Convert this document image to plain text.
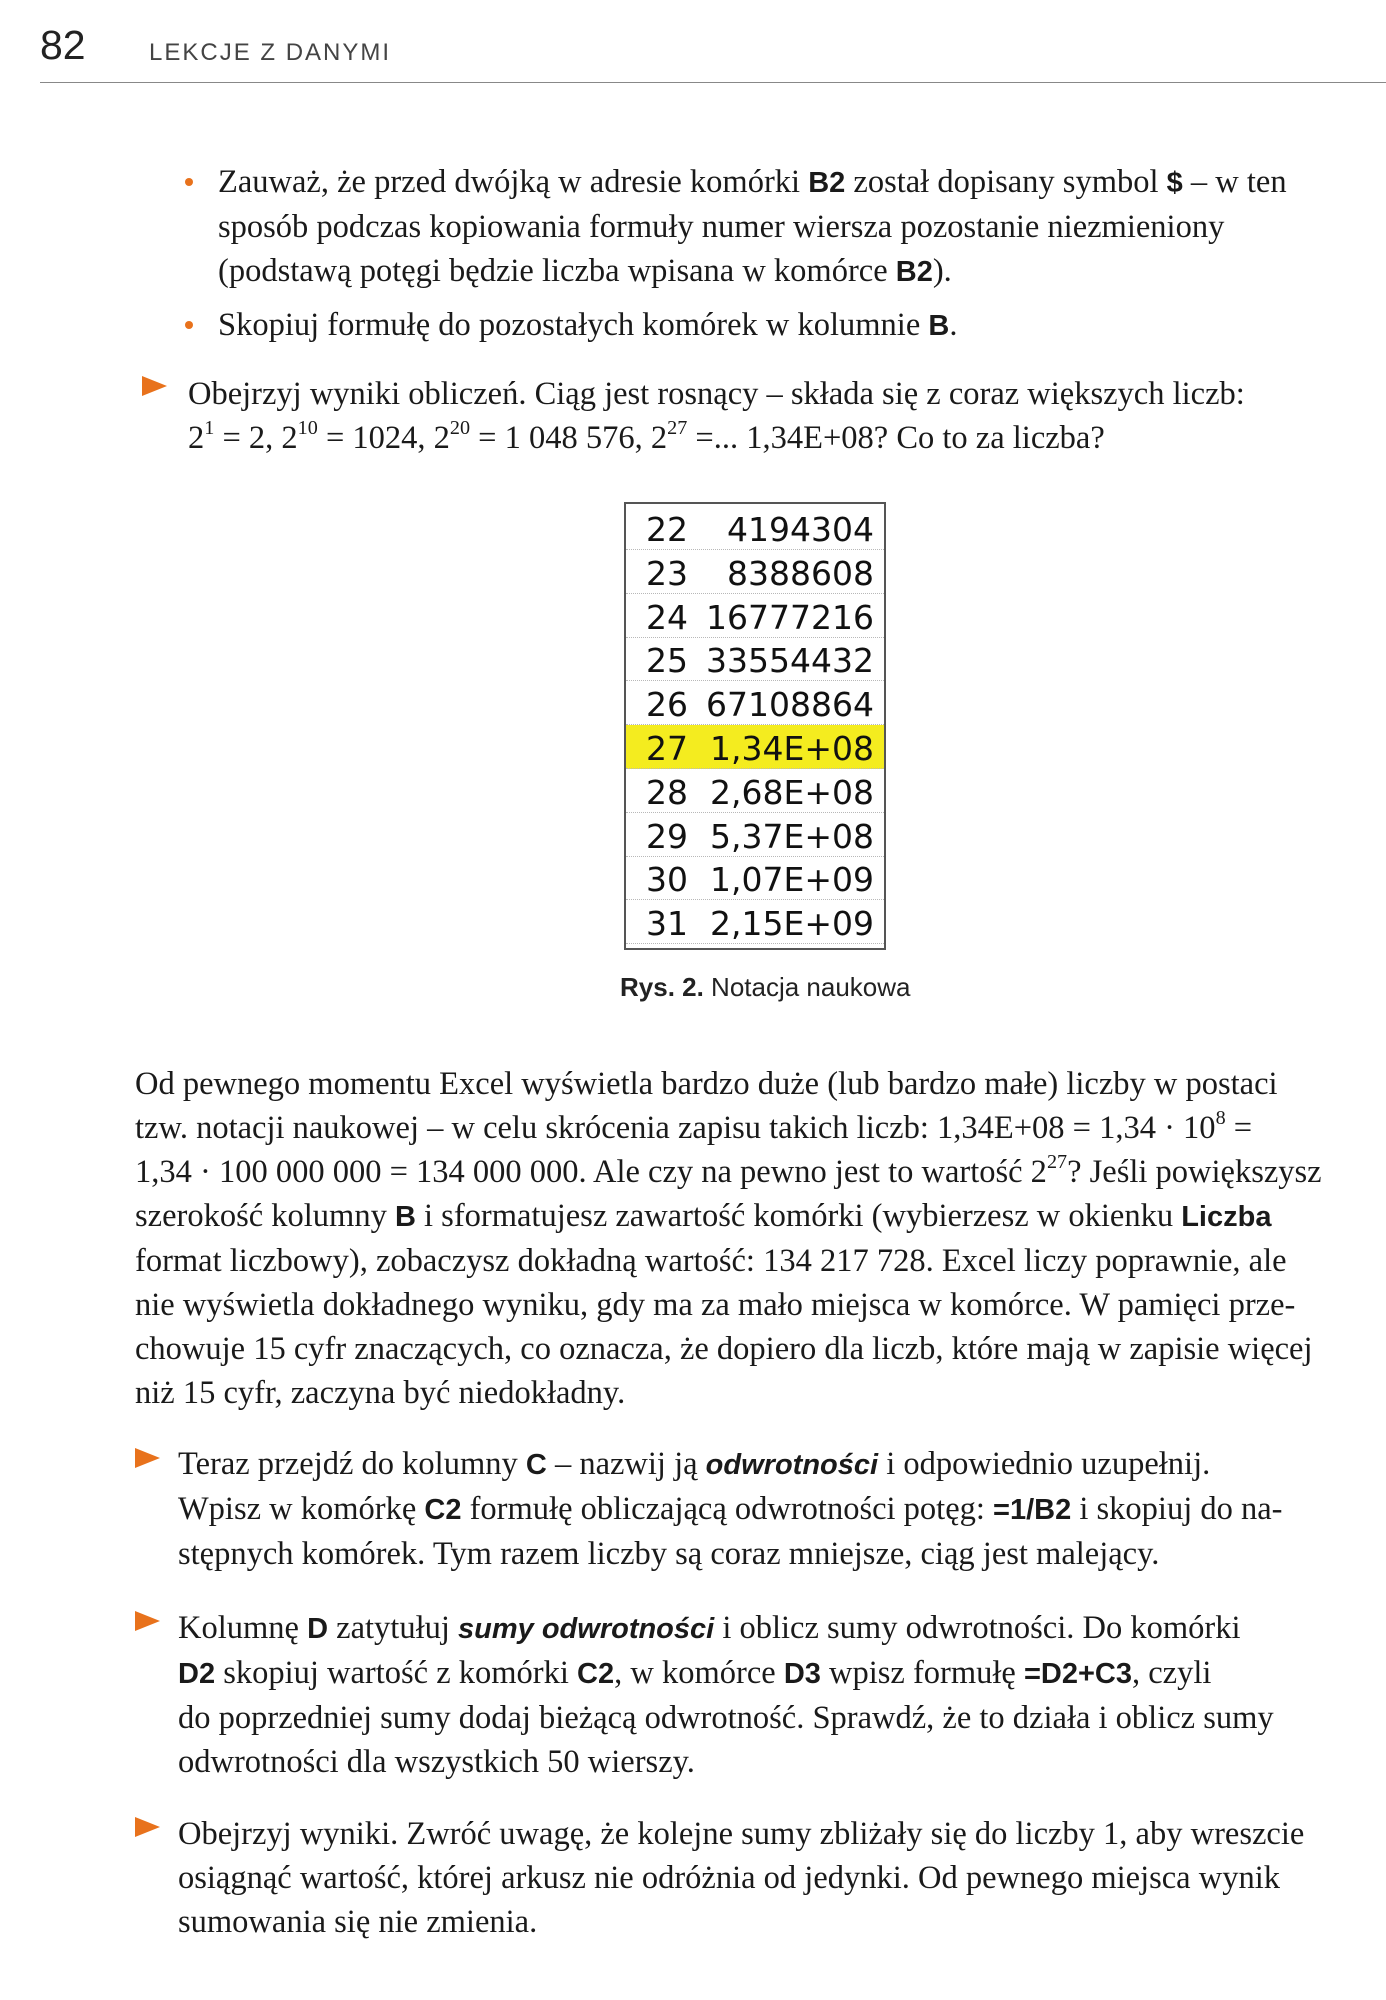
82	LEKCJE Z DANYMI
Zauważ, że przed dwójką w adresie komórki B2 został dopisany symbol $ – w ten
sposób podczas kopiowania formuły numer wiersza pozostanie niezmieniony
(podstawą potęgi będzie liczba wpisana w komórce B2).
Skopiuj formułę do pozostałych komórek w kolumnie B.
Obejrzyj wyniki obliczeń. Ciąg jest rosnący – składa się z coraz większych liczb:
$2^1 = 2$, $2^{10} = 1024$, $2^{20} = 1$ 048 576, $2^{27}$ =... 1,34E+08? Co to za liczba?
22 4194304
23 8388608
24 16777216
25 33554432
26 67108864
27 1,34E+08
28 2,68E+08
29 5,37E+08
30 1,07E+09
31 2,15E+09
Rys. 2. Notacja naukowa
Od pewnego momentu Excel wyświetla bardzo duże (lub bardzo małe) liczby w postaci
tzw. notacji naukowej – w celu skrócenia zapisu takich liczb: $1,34E+08 = 1,34 \cdot 10^8$ =
1,34 · 100 000 000 = 134 000 000. Ale czy na pewno jest to wartość $2^{27}$? Jeśli powiększysz
szerokość kolumny B i sformatujesz zawartość komórki (wybierzesz w okienku Liczba
format liczbowy), zobaczysz dokładną wartość: 134 217 728. Excel liczy poprawnie, ale
nie wyświetla dokładnego wyniku, gdy ma za mało miejsca w komórce. W pamięci prze-
chowuje 15 cyfr znaczących, co oznacza, że dopiero dla liczb, które mają w zapisie więcej
niż 15 cyfr, zaczyna być niedokładny.
Teraz przejdź do kolumny C – nazwij ją odwrotności i odpowiednio uzupełnij.
Wpisz w komórkę C2 formułę obliczającą odwrotności potęg: =1/B2 i skopiuj do na-
stępnych komórek. Tym razem liczby są coraz mniejsze, ciąg jest malejący.
Kolumnę D zatytułuj sumy odwrotności i oblicz sumy odwrotności. Do komórki
D2 skopiuj wartość z komórki C2, w komórce D3 wpisz formułę =D2+C3, czyli
do poprzedniej sumy dodaj bieżącą odwrotność. Sprawdź, że to działa i oblicz sumy
odwrotności dla wszystkich 50 wierszy.
Obejrzyj wyniki. Zwróć uwagę, że kolejne sumy zbliżały się do liczby 1, aby wreszcie
osiągnąć wartość, której arkusz nie odróżnia od jedynki. Od pewnego miejsca wynik
sumowania się nie zmienia.
